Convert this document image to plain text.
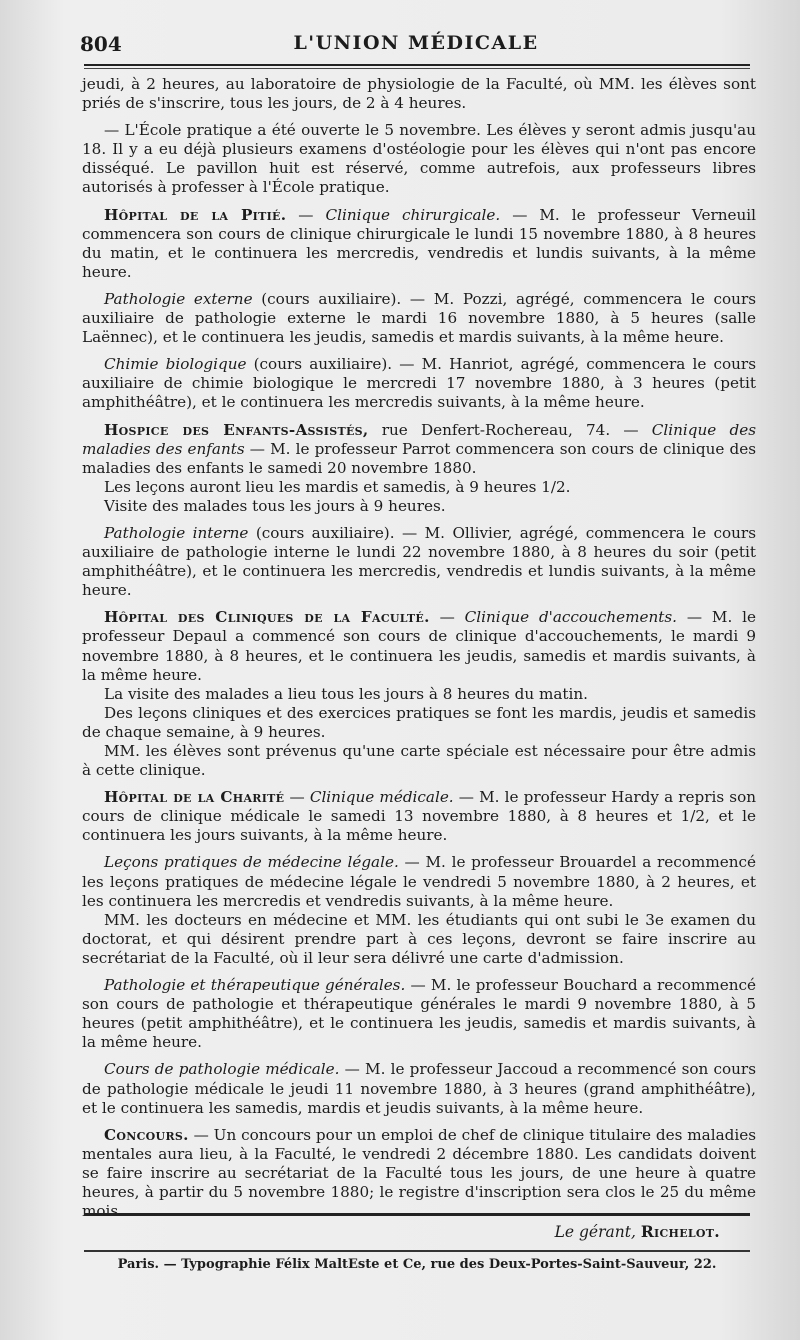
804	L'UNION MÉDICALE

jeudi, à 2 heures, au laboratoire de physiologie de la Faculté, où MM. les élèves sont priés de s'inscrire, tous les jours, de 2 à 4 heures.

— L'École pratique a été ouverte le 5 novembre. Les élèves y seront admis jusqu'au 18. Il y a eu déjà plusieurs examens d'ostéologie pour les élèves qui n'ont pas encore disséqué. Le pavillon huit est réservé, comme autrefois, aux professeurs libres autorisés à professer à l'École pratique.

Hôpital de la Pitié. — Clinique chirurgicale. — M. le professeur Verneuil commencera son cours de clinique chirurgicale le lundi 15 novembre 1880, à 8 heures du matin, et le continuera les mercredis, vendredis et lundis suivants, à la même heure.

Pathologie externe (cours auxiliaire). — M. Pozzi, agrégé, commencera le cours auxiliaire de pathologie externe le mardi 16 novembre 1880, à 5 heures (salle Laënnec), et le continuera les jeudis, samedis et mardis suivants, à la même heure.

Chimie biologique (cours auxiliaire). — M. Hanriot, agrégé, commencera le cours auxiliaire de chimie biologique le mercredi 17 novembre 1880, à 3 heures (petit amphithéâtre), et le continuera les mercredis suivants, à la même heure.

Hospice des Enfants-Assistés, rue Denfert-Rochereau, 74. — Clinique des maladies des enfants — M. le professeur Parrot commencera son cours de clinique des maladies des enfants le samedi 20 novembre 1880.

Les leçons auront lieu les mardis et samedis, à 9 heures 1/2.

Visite des malades tous les jours à 9 heures.

Pathologie interne (cours auxiliaire). — M. Ollivier, agrégé, commencera le cours auxiliaire de pathologie interne le lundi 22 novembre 1880, à 8 heures du soir (petit amphithéâtre), et le continuera les mercredis, vendredis et lundis suivants, à la même heure.

Hôpital des Cliniques de la Faculté. — Clinique d'accouchements. — M. le professeur Depaul a commencé son cours de clinique d'accouchements, le mardi 9 novembre 1880, à 8 heures, et le continuera les jeudis, samedis et mardis suivants, à la même heure.

La visite des malades a lieu tous les jours à 8 heures du matin.

Des leçons cliniques et des exercices pratiques se font les mardis, jeudis et samedis de chaque semaine, à 9 heures.

MM. les élèves sont prévenus qu'une carte spéciale est nécessaire pour être admis à cette clinique.

Hôpital de la Charité — Clinique médicale. — M. le professeur Hardy a repris son cours de clinique médicale le samedi 13 novembre 1880, à 8 heures et 1/2, et le continuera les jours suivants, à la même heure.

Leçons pratiques de médecine légale. — M. le professeur Brouardel a recommencé les leçons pratiques de médecine légale le vendredi 5 novembre 1880, à 2 heures, et les continuera les mercredis et vendredis suivants, à la même heure.

MM. les docteurs en médecine et MM. les étudiants qui ont subi le 3e examen du doctorat, et qui désirent prendre part à ces leçons, devront se faire inscrire au secrétariat de la Faculté, où il leur sera délivré une carte d'admission.

Pathologie et thérapeutique générales. — M. le professeur Bouchard a recommencé son cours de pathologie et thérapeutique générales le mardi 9 novembre 1880, à 5 heures (petit amphithéâtre), et le continuera les jeudis, samedis et mardis suivants, à la même heure.

Cours de pathologie médicale. — M. le professeur Jaccoud a recommencé son cours de pathologie médicale le jeudi 11 novembre 1880, à 3 heures (grand amphithéâtre), et le continuera les samedis, mardis et jeudis suivants, à la même heure.

Concours. — Un concours pour un emploi de chef de clinique titulaire des maladies mentales aura lieu, à la Faculté, le vendredi 2 décembre 1880. Les candidats doivent se faire inscrire au secrétariat de la Faculté tous les jours, de une heure à quatre heures, à partir du 5 novembre 1880; le registre d'inscription sera clos le 25 du même mois.

Le gérant, Richelot.
Paris. — Typographie Félix MaltEste et Ce, rue des Deux-Portes-Saint-Sauveur, 22.
